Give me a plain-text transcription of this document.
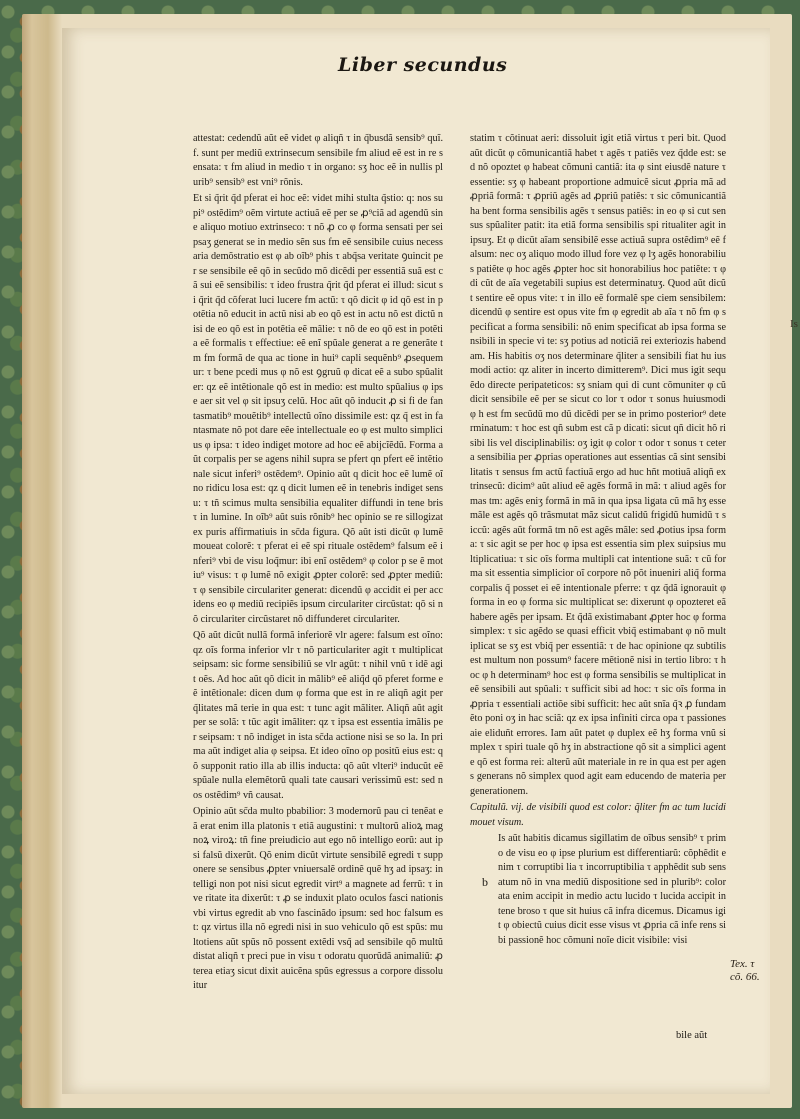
Liber secundus

attestat: cedendũ aũt eẽ videt φ aliqñ τ in q̃busdã sensib⁹ quĩ.f. sunt per mediũ extrinsecum sensibile fm aliud eẽ est in re sensata: τ fm aliud in medio τ in organo: sʒ hoc eẽ in nullis plurib⁹ sensib⁹ est vni⁹ rõnis.

Et si q̃rit q̃d pferat ei hoc eẽ: videt mihi stulta q̃stio: q: nos supi⁹ ostẽdim⁹ oẽm virtute actiuã eẽ per se ꝓ⁹ciã ad agendũ sine aliquo motiuo extrinseco: τ nõ ꝓ co φ forma sensati per seipsaʒ generat se in medio sẽn sus fm eẽ sensibile cuius necessaria demõstratio est φ ab oĩb⁹ phis τ abq̃sa veritate ꝯuincit per se sensibile eẽ qõ in secũdo mõ dicẽdi per essentiã suã est cã sui eẽ sensibilis: τ ideo frustra q̃rit q̃d pferat ei illud: sicut si q̃rit q̃d cõferat luci lucere fm actũ: τ qõ dicit φ id qõ est in potẽtia nõ educit in actũ nisi ab eo qõ est in actu nõ est dictũ nisi de eo qõ est in potẽtia eẽ mãlie: τ nõ de eo qõ est in potẽtia eẽ formalis τ effectiue: eẽ enĩ spũale generat a re generãte tm fm formã de qua ac tione in hui⁹ capli sequẽnb⁹ ꝓsequemur: τ bene pcedi mus φ nõ est ꝯgruũ φ dicat eẽ a subo spũaliter: qz eẽ intẽtionale qõ est in medio: est multo spũalius φ ipse aer sit vel φ sit ipsuʒ celũ. Hoc aũt qõ inducit ꝓ si fi de fantasmatib⁹ mouẽtib⁹ intellectũ oĩno dissimile est: qz q̃ est in fantasmate nõ pot dare eẽe intellectuale eo φ est multo simplicius φ ipsa: τ ideo indiget motore ad hoc eẽ abijcĩẽdũ. Forma aũt corpalis per se agens nihil supra se pfert qn pfert eẽ intẽtionale sicut inferi⁹ ostẽdem⁹. Opinio aũt q dicit hoc eẽ lumẽ oĩno ridicu losa est: qz q dicit lumen eẽ in tenebris indiget sensu: τ tñ scimus multa sensibilia equaliter diffundi in tene bris τ in lumine. In oĩb⁹ aũt suis rõnib⁹ hec opinio se re sillogizat ex puris affirmatiuis in sc̃da figura. Qõ aũt isti dicũt φ lumẽ moueat colorẽ: τ pferat ei eẽ spi rituale ostẽdem⁹ falsum eẽ inferi⁹ vbi de visu loq̃mur: ibi enĩ ostẽdem⁹ φ color p se ẽ motiu⁹ visus: τ φ lumẽ nõ exigit ꝓpter colorẽ: sed ꝓpter mediũ: τ φ sensibile circulariter generat: dicendũ φ accidit ei per accidens eo φ mediũ recipiẽs ipsum circulariter circũstat: qõ si nõ circulariter circũstaret nõ diffunderet circulariter.

Qõ aũt dicũt nullã formã inferiorẽ vlr agere: falsum est oĩno: qz oĩs forma inferior vlr τ nõ particulariter agit τ multiplicat seipsam: sic forme sensibiliũ se vlr agũt: τ nihil vnũ τ idẽ agit oẽs. Ad hoc aũt qõ dicit in mãlib⁹ eẽ aliq̃d qõ pferet forme eẽ intẽtionale: dicen dum φ forma que est in re aliqñ agit per q̃litates mã terie in qua est: τ tunc agit mãliter. Aliqñ aũt agit per se solã: τ tũc agit imãliter: qz τ ipsa est essentia imãlis per seipsam: τ nõ indiget in ista sc̃da actione nisi se so la. In prima aũt indiget alia φ seipsa. Et ideo oĩno op positũ eius est: qõ supponit ratio illa ab illis inducta: qõ aũt vlteri⁹ inducũt eẽ spũale nulla elemẽtorũ quali tate causari verissimũ est: sed nos ostẽdim⁹ vñ causat.

Opinio aũt sc̃da multo pbabilior: 3 modernorũ pau ci tenẽat eã erat enim illa platonis τ etiã augustini: τ multorũ alioꝝ magnoꝝ viroꝝ: tñ fine preiudicio aut ego nõ intelligo eorũ: aut ipsi falsũ dixerũt. Qõ enim dicũt virtute sensibilẽ egredi τ supponere se sensibus ꝓpter vniuersalẽ ordinẽ quẽ hʒ ad ipsaʒ: intelligi non pot nisi sicut egredit virt⁹ a magnete ad ferrũ: τ in ve ritate ita dixerũt: τ ꝓ se induxit plato oculos fasci nationis vbi virtus egredit ab vno fascinãdo ipsum: sed hoc falsum est: qz virtus illa nõ egredi nisi in suo vehiculo qõ est spũs: multotiens aũt spũs nõ possent extẽdi vsq̃ ad sensibile qõ multũ distat aliqñ τ preci pue in visu τ odoratu quorũdã animaliũ: ꝓterea etiaʒ sicut dixit auicẽna spũs egressus a corpore dissoluitur

statim τ cõtinuat aeri: dissoluit igit etiã virtus τ peri bit. Quod aũt dicũt φ cõmunicantiã habet τ agẽs τ patiẽs vez q̃dde est: sed nõ opoztet φ habeat cõmuni cantiã: ita φ sint eiusdẽ nature τ essentie: sʒ φ habeant proportione admuicẽ sicut ꝓpria mã ad ꝓpriã formã: τ ꝓpriũ agẽs ad ꝓpriũ patiẽs: τ sic cõmunicantiã ha bent forma sensibilis agẽs τ sensus patiẽs: in eo φ si cut sensus spũaliter patit: ita etiã forma sensibilis spi ritualiter agit in ipsuʒ. Et φ dicũt aĩam sensibilẽ esse actiuã supra ostẽdim⁹ eẽ falsum: nec oʒ aliquo modo illud fore vez φ lʒ agẽs honorabilius patiẽte φ hoc agẽs ꝓpter hoc sit honorabilius hoc patiẽte: τ φ di cũt de aĩa vegetabili supius est determinatuʒ. Quod aũt dicũt sentire eẽ opus vite: τ in illo eẽ formalẽ spe ciem sensibilem: dicendũ φ sentire est opus vite fm φ egredit ab aĩa τ nõ fm φ specificat a forma sensibili: nõ enim specificat ab ipsa forma sensibili in specie vi te: sʒ potius ad noticiã rei exteriozis habendam. His habitis oʒ nos determinare q̃liter a sensibili fiat hu iusmodi actio: qz aliter in incerto dimitterem⁹. Dici mus igit sequẽdo directe peripateticos: sʒ sniam qui di cunt cõmuniter φ cũ dicit sensibile eẽ per se sicut co lor τ odor τ sonus huiusmodi φ h est fm secũdũ mo dũ dicẽdi per se in primo posterior⁹ determinatum: τ hoc est qñ subm est cã p dicati: sicut qñ dicit hõ risibi lis vel disciplinabilis: oʒ igit φ color τ odor τ sonus τ cetera sensibilia per ꝓprias operationes aut essentias cã sint sensibilitatis τ sensus fm actũ factiuã ergo ad huc hñt motiuã aliqñ extrinsecũ: dicim⁹ aũt aliud eẽ agẽs formã in mã: τ aliud agẽs formas tm: agẽs eniʒ formã in mã in qua ipsa ligata cũ mã hʒ esse mãle est agẽs qõ trãsmutat mãz sicut calidũ frigidũ humidũ τ siccũ: agẽs aũt formã tm nõ est agẽs mãle: sed ꝓotius ipsa forma: τ sic agit se per hoc φ ipsa est essentia sim plex suipsius multiplicatiua: τ sic oĩs forma multipli cat intentione suã: τ cũ forma sit essentia simplicior oĩ corpore nõ põt inueniri aliq̃ forma corpalis q̃ posset ei eẽ intentionale pferre: τ qz q̃dã ignorauit φ forma in eo φ forma sic multiplicat se: dixerunt φ opozteret eã habere agẽs per ipsam. Et q̃dã existimabant ꝓpter hoc φ forma simplex: τ sic agẽdo se quasi efficit vbiq̃ estimabant φ nõ multiplicat se sʒ est vbiq̃ per essentiã: τ de hac opinione qz subtilis est multum non possum⁹ facere mẽtionẽ nisi in tertio libro: τ hoc φ h determinam⁹ hoc est φ forma sensibilis se multiplicat in eẽ sensibili aut spũali: τ sufficit sibi ad hoc: τ sic oĩs forma in ꝓpria τ essentiali actiõe sibi sufficit: hec aũt snĩa q̃ꝛ ꝓ fundamẽto poni oʒ in hac sciã: qz ex ipsa infiniti circa opa τ passiones aie eliduñt errores. Iam aũt patet φ duplex eẽ hʒ forma vnũ simplex τ spiri tuale qõ hʒ in abstractione qõ sit a simplici agente qõ est forma rei: alterũ aũt materiale in re in qua est per agens generans nõ simplex quod agit eam educendo de materia per generationem.

Capitulũ. vij. de visibili quod est color: q̃liter fm ac tum lucidi mouet visum.

Is aũt habitis dicamus sigillatim de oĩbus sensib⁹ τ primo de visu eo φ ipse plurium est differentiarũ: cõphẽdit enim τ corruptibi lia τ incorruptibilia τ apphẽdit sub sensatum nõ in vna mediũ dispositione sed in plurib⁹: colorata enim accipit in medio actu lucido τ lucida accipit in tene broso τ que sit huius cã infra dicemus. Dicamus igit φ obiectũ cuius dicit esse visus vt ꝓpria cã infe rens sibi passionẽ hoc cõmuni noĩe dicit visibile: visi

b
bile aũt
Tex. τ cõ. 66.
Is
